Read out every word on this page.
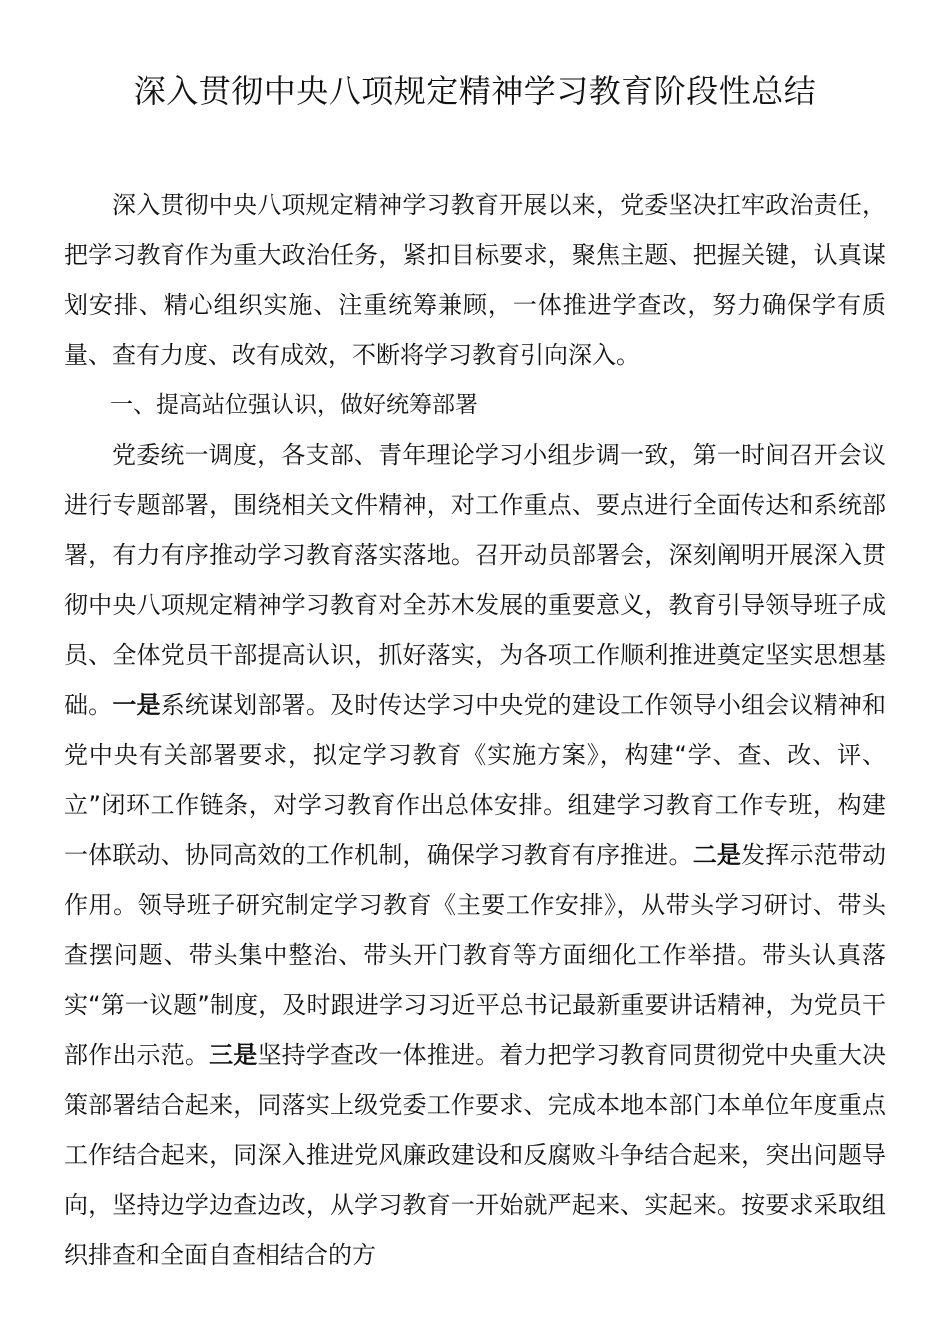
深入贯彻中央八项规定精神学习教育阶段性总结

深入贯彻中央八项规定精神学习教育开展以来，党委坚决扛牢政治责任，把学习教育作为重大政治任务，紧扣目标要求，聚焦主题、把握关键，认真谋划安排、精心组织实施、注重统筹兼顾，一体推进学查改，努力确保学有质量、查有力度、改有成效，不断将学习教育引向深入。

一、提高站位强认识，做好统筹部署

党委统一调度，各支部、青年理论学习小组步调一致，第一时间召开会议进行专题部署，围绕相关文件精神，对工作重点、要点进行全面传达和系统部署，有力有序推动学习教育落实落地。召开动员部署会，深刻阐明开展深入贯彻中央八项规定精神学习教育对全苏木发展的重要意义，教育引导领导班子成员、全体党员干部提高认识，抓好落实，为各项工作顺利推进奠定坚实思想基础。一是系统谋划部署。及时传达学习中央党的建设工作领导小组会议精神和党中央有关部署要求，拟定学习教育《实施方案》，构建“学、查、改、评、立”闭环工作链条，对学习教育作出总体安排。组建学习教育工作专班，构建一体联动、协同高效的工作机制，确保学习教育有序推进。二是发挥示范带动作用。领导班子研究制定学习教育《主要工作安排》，从带头学习研讨、带头查摆问题、带头集中整治、带头开门教育等方面细化工作举措。带头认真落实“第一议题”制度，及时跟进学习习近平总书记最新重要讲话精神，为党员干部作出示范。三是坚持学查改一体推进。着力把学习教育同贯彻党中央重大决策部署结合起来，同落实上级党委工作要求、完成本地本部门本单位年度重点工作结合起来，同深入推进党风廉政建设和反腐败斗争结合起来，突出问题导向，坚持边学边查边改，从学习教育一开始就严起来、实起来。按要求采取组织排查和全面自查相结合的方
